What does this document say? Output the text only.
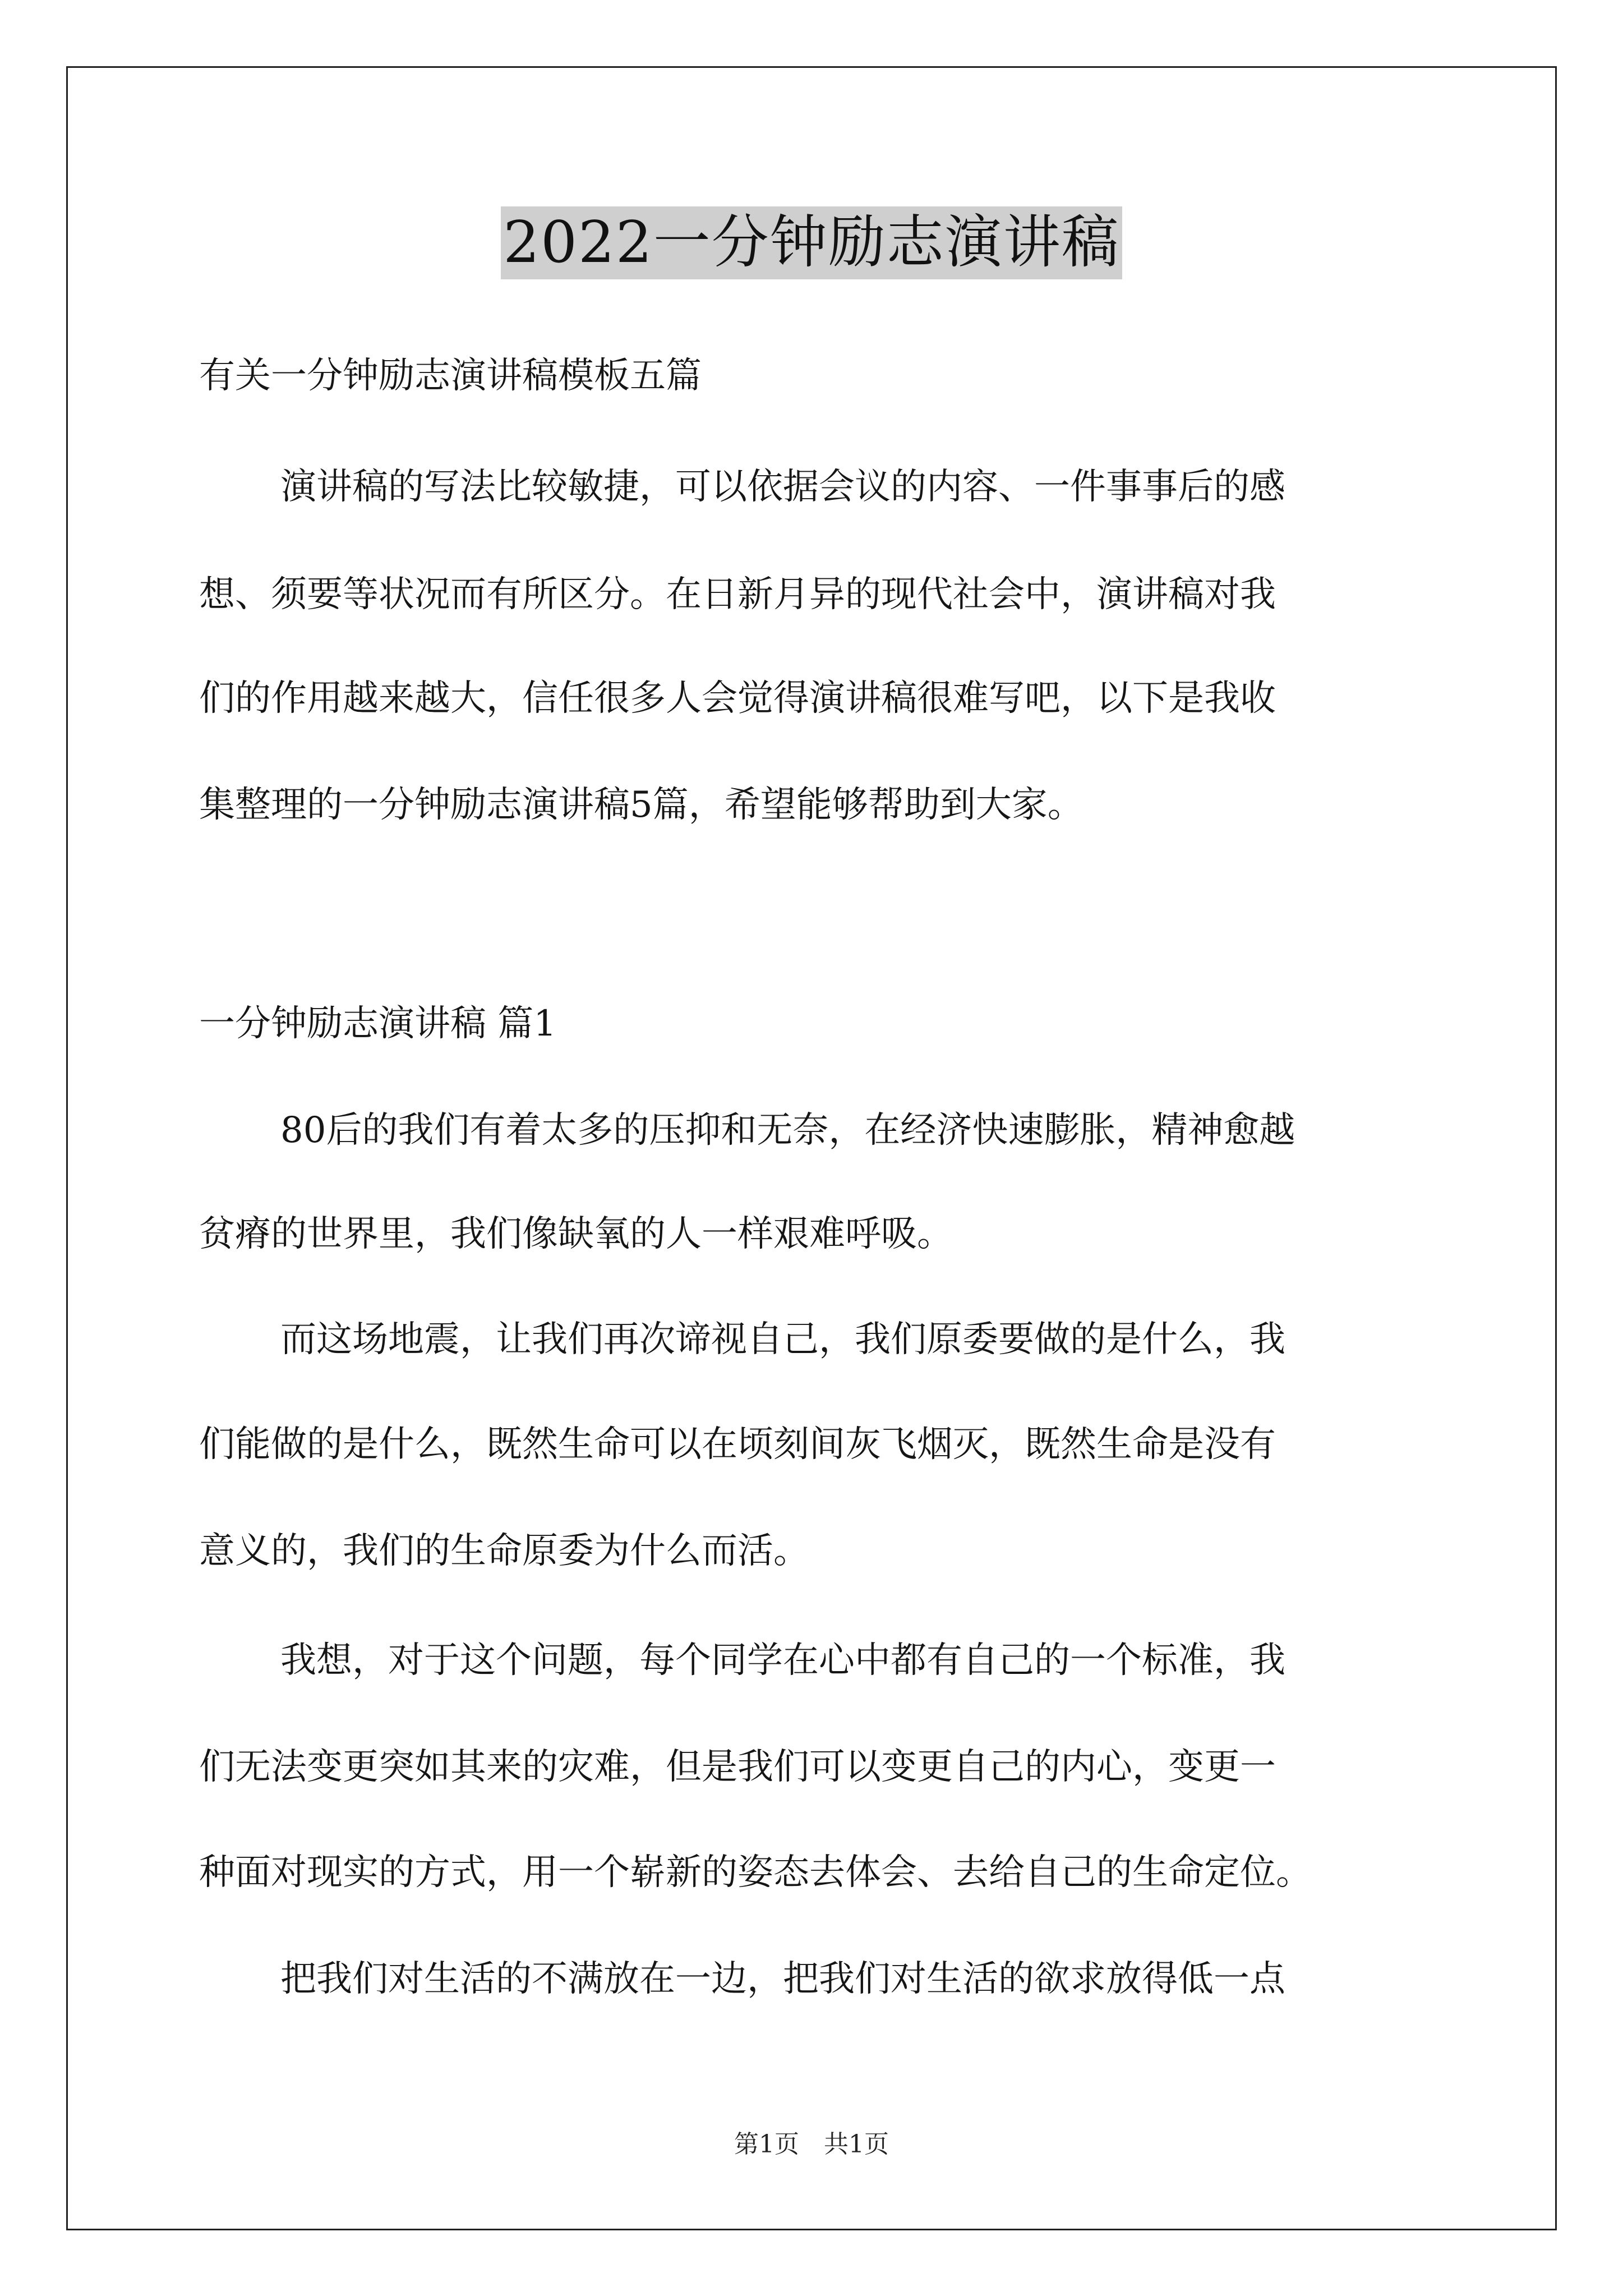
2022一分钟励志演讲稿
有关一分钟励志演讲稿模板五篇
演讲稿的写法比较敏捷，可以依据会议的内容、一件事事后的感
想、须要等状况而有所区分。在日新月异的现代社会中，演讲稿对我
们的作用越来越大，信任很多人会觉得演讲稿很难写吧，以下是我收
集整理的一分钟励志演讲稿5篇，希望能够帮助到大家。
一分钟励志演讲稿 篇1
80后的我们有着太多的压抑和无奈，在经济快速膨胀，精神愈越
贫瘠的世界里，我们像缺氧的人一样艰难呼吸。
而这场地震，让我们再次谛视自己，我们原委要做的是什么，我
们能做的是什么，既然生命可以在顷刻间灰飞烟灭，既然生命是没有
意义的，我们的生命原委为什么而活。
我想，对于这个问题，每个同学在心中都有自己的一个标准，我
们无法变更突如其来的灾难，但是我们可以变更自己的内心，变更一
种面对现实的方式，用一个崭新的姿态去体会、去给自己的生命定位。
把我们对生活的不满放在一边，把我们对生活的欲求放得低一点
第1页　共1页
